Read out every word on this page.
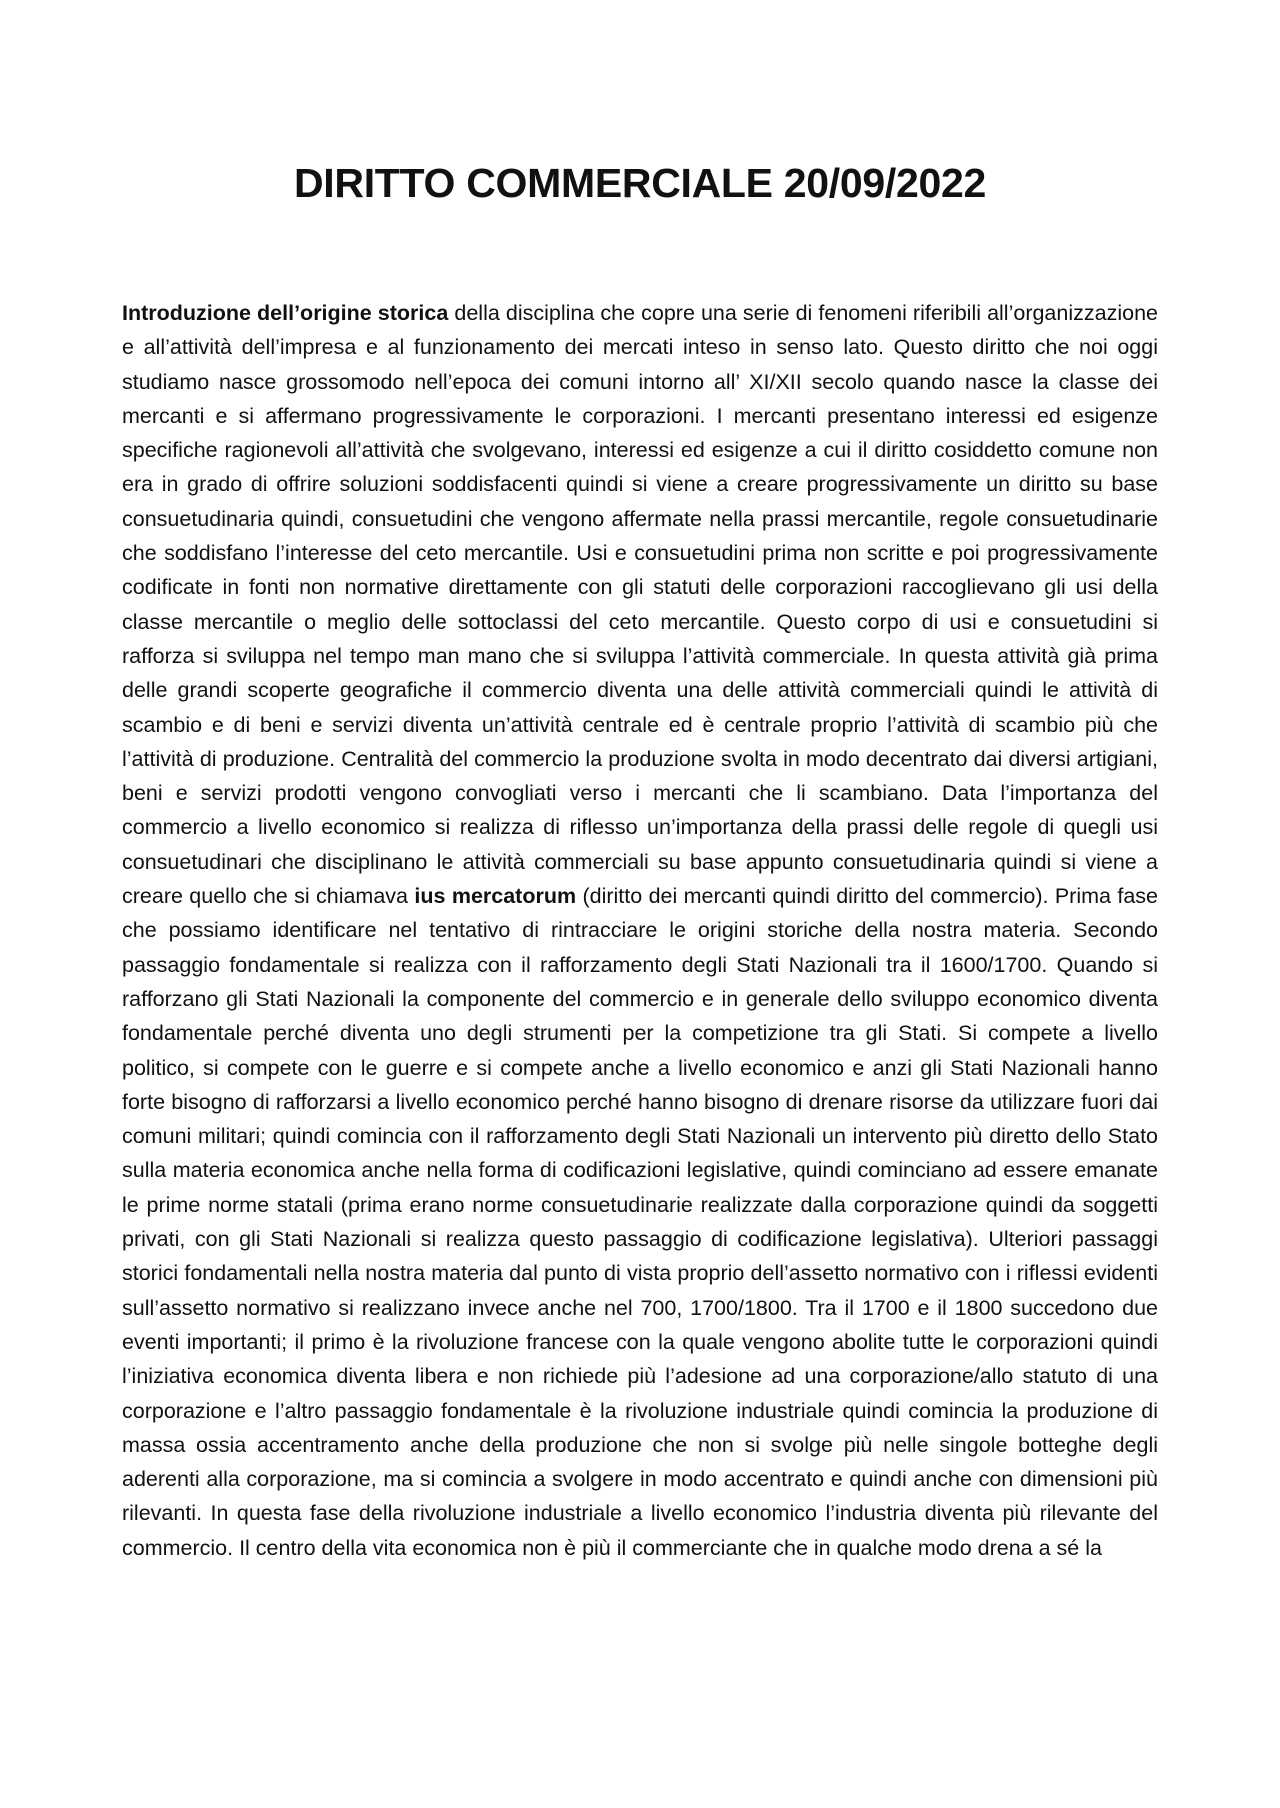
DIRITTO COMMERCIALE 20/09/2022

Introduzione dell’origine storica della disciplina che copre una serie di fenomeni riferibili all’organizzazione e all’attività dell’impresa e al funzionamento dei mercati inteso in senso lato. Questo diritto che noi oggi studiamo nasce grossomodo nell’epoca dei comuni intorno all’ XI/XII secolo quando nasce la classe dei mercanti e si affermano progressivamente le corporazioni. I mercanti presentano interessi ed esigenze specifiche ragionevoli all’attività che svolgevano, interessi ed esigenze a cui il diritto cosiddetto comune non era in grado di offrire soluzioni soddisfacenti quindi si viene a creare progressivamente un diritto su base consuetudinaria quindi, consuetudini che vengono affermate nella prassi mercantile, regole consuetudinarie che soddisfano l’interesse del ceto mercantile. Usi e consuetudini prima non scritte e poi progressivamente codificate in fonti non normative direttamente con gli statuti delle corporazioni raccoglievano gli usi della classe mercantile o meglio delle sottoclassi del ceto mercantile. Questo corpo di usi e consuetudini si rafforza si sviluppa nel tempo man mano che si sviluppa l’attività commerciale. In questa attività già prima delle grandi scoperte geografiche il commercio diventa una delle attività commerciali quindi le attività di scambio e di beni e servizi diventa un’attività centrale ed è centrale proprio l’attività di scambio più che l’attività di produzione. Centralità del commercio la produzione svolta in modo decentrato dai diversi artigiani, beni e servizi prodotti vengono convogliati verso i mercanti che li scambiano. Data l’importanza del commercio a livello economico si realizza di riflesso un’importanza della prassi delle regole di quegli usi consuetudinari che disciplinano le attività commerciali su base appunto consuetudinaria quindi si viene a creare quello che si chiamava ius mercatorum (diritto dei mercanti quindi diritto del commercio). Prima fase che possiamo identificare nel tentativo di rintracciare le origini storiche della nostra materia. Secondo passaggio fondamentale si realizza con il rafforzamento degli Stati Nazionali tra il 1600/1700. Quando si rafforzano gli Stati Nazionali la componente del commercio e in generale dello sviluppo economico diventa fondamentale perché diventa uno degli strumenti per la competizione tra gli Stati. Si compete a livello politico, si compete con le guerre e si compete anche a livello economico e anzi gli Stati Nazionali hanno forte bisogno di rafforzarsi a livello economico perché hanno bisogno di drenare risorse da utilizzare fuori dai comuni militari; quindi comincia con il rafforzamento degli Stati Nazionali un intervento più diretto dello Stato sulla materia economica anche nella forma di codificazioni legislative, quindi cominciano ad essere emanate le prime norme statali (prima erano norme consuetudinarie realizzate dalla corporazione quindi da soggetti privati, con gli Stati Nazionali si realizza questo passaggio di codificazione legislativa). Ulteriori passaggi storici fondamentali nella nostra materia dal punto di vista proprio dell’assetto normativo con i riflessi evidenti sull’assetto normativo si realizzano invece anche nel 700, 1700/1800. Tra il 1700 e il 1800 succedono due eventi importanti; il primo è la rivoluzione francese con la quale vengono abolite tutte le corporazioni quindi l’iniziativa economica diventa libera e non richiede più l’adesione ad una corporazione/allo statuto di una corporazione e l’altro passaggio fondamentale è la rivoluzione industriale quindi comincia la produzione di massa ossia accentramento anche della produzione che non si svolge più nelle singole botteghe degli aderenti alla corporazione, ma si comincia a svolgere in modo accentrato e quindi anche con dimensioni più rilevanti. In questa fase della rivoluzione industriale a livello economico l’industria diventa più rilevante del commercio. Il centro della vita economica non è più il commerciante che in qualche modo drena a sé la
